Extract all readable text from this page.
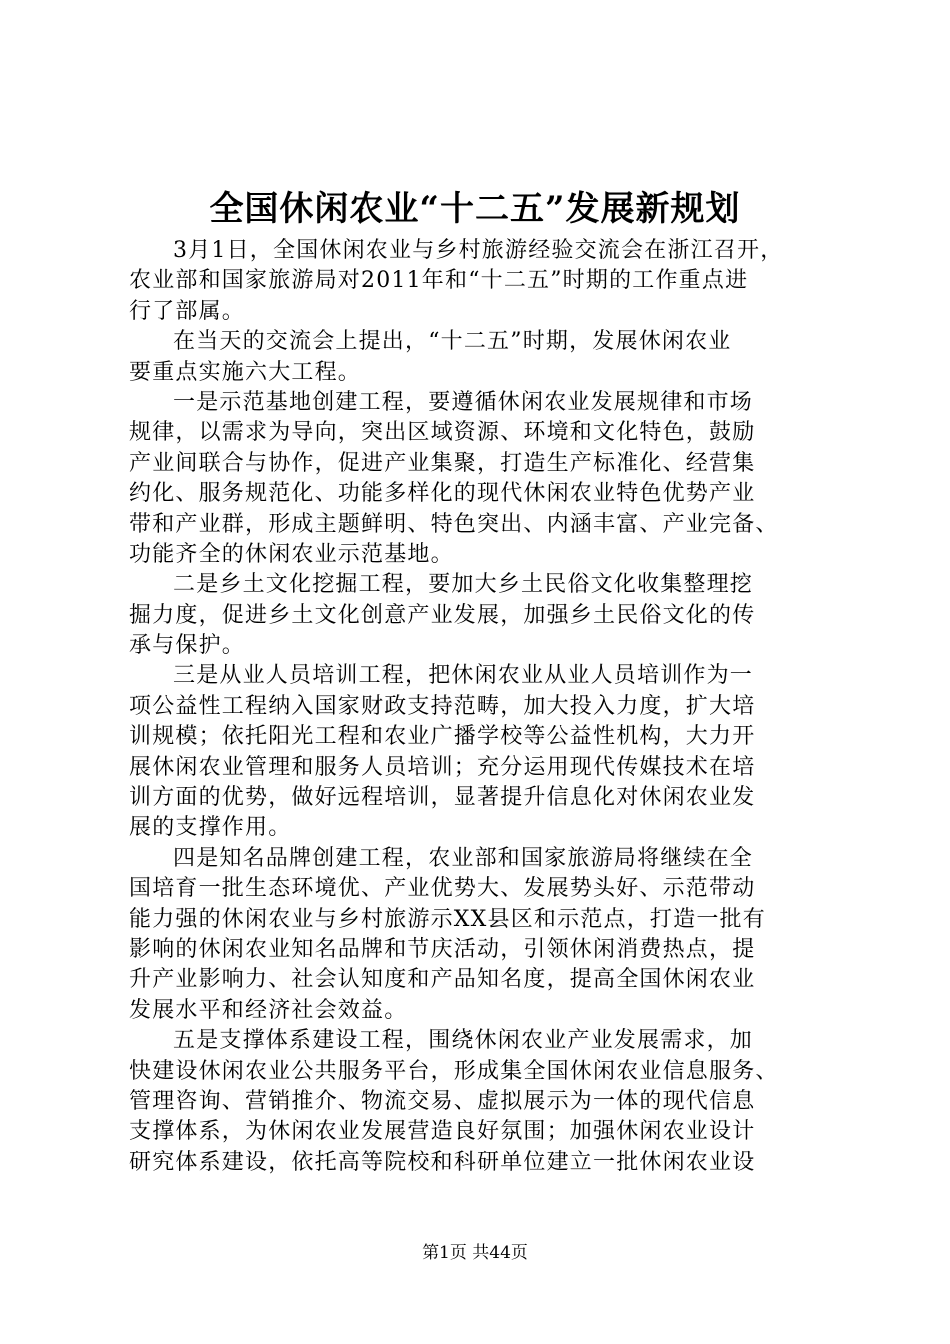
全国休闲农业“十二五”发展新规划
3月1日，全国休闲农业与乡村旅游经验交流会在浙江召开，
农业部和国家旅游局对2011年和“十二五”时期的工作重点进
行了部属。
在当天的交流会上提出，“十二五”时期，发展休闲农业
要重点实施六大工程。
一是示范基地创建工程，要遵循休闲农业发展规律和市场
规律，以需求为导向，突出区域资源、环境和文化特色，鼓励
产业间联合与协作，促进产业集聚，打造生产标准化、经营集
约化、服务规范化、功能多样化的现代休闲农业特色优势产业
带和产业群，形成主题鲜明、特色突出、内涵丰富、产业完备、
功能齐全的休闲农业示范基地。
二是乡土文化挖掘工程，要加大乡土民俗文化收集整理挖
掘力度，促进乡土文化创意产业发展，加强乡土民俗文化的传
承与保护。
三是从业人员培训工程，把休闲农业从业人员培训作为一
项公益性工程纳入国家财政支持范畴，加大投入力度，扩大培
训规模；依托阳光工程和农业广播学校等公益性机构，大力开
展休闲农业管理和服务人员培训；充分运用现代传媒技术在培
训方面的优势，做好远程培训，显著提升信息化对休闲农业发
展的支撑作用。
四是知名品牌创建工程，农业部和国家旅游局将继续在全
国培育一批生态环境优、产业优势大、发展势头好、示范带动
能力强的休闲农业与乡村旅游示XX县区和示范点，打造一批有
影响的休闲农业知名品牌和节庆活动，引领休闲消费热点，提
升产业影响力、社会认知度和产品知名度，提高全国休闲农业
发展水平和经济社会效益。
五是支撑体系建设工程，围绕休闲农业产业发展需求，加
快建设休闲农业公共服务平台，形成集全国休闲农业信息服务、
管理咨询、营销推介、物流交易、虚拟展示为一体的现代信息
支撑体系，为休闲农业发展营造良好氛围；加强休闲农业设计
研究体系建设，依托高等院校和科研单位建立一批休闲农业设
第1页 共44页
